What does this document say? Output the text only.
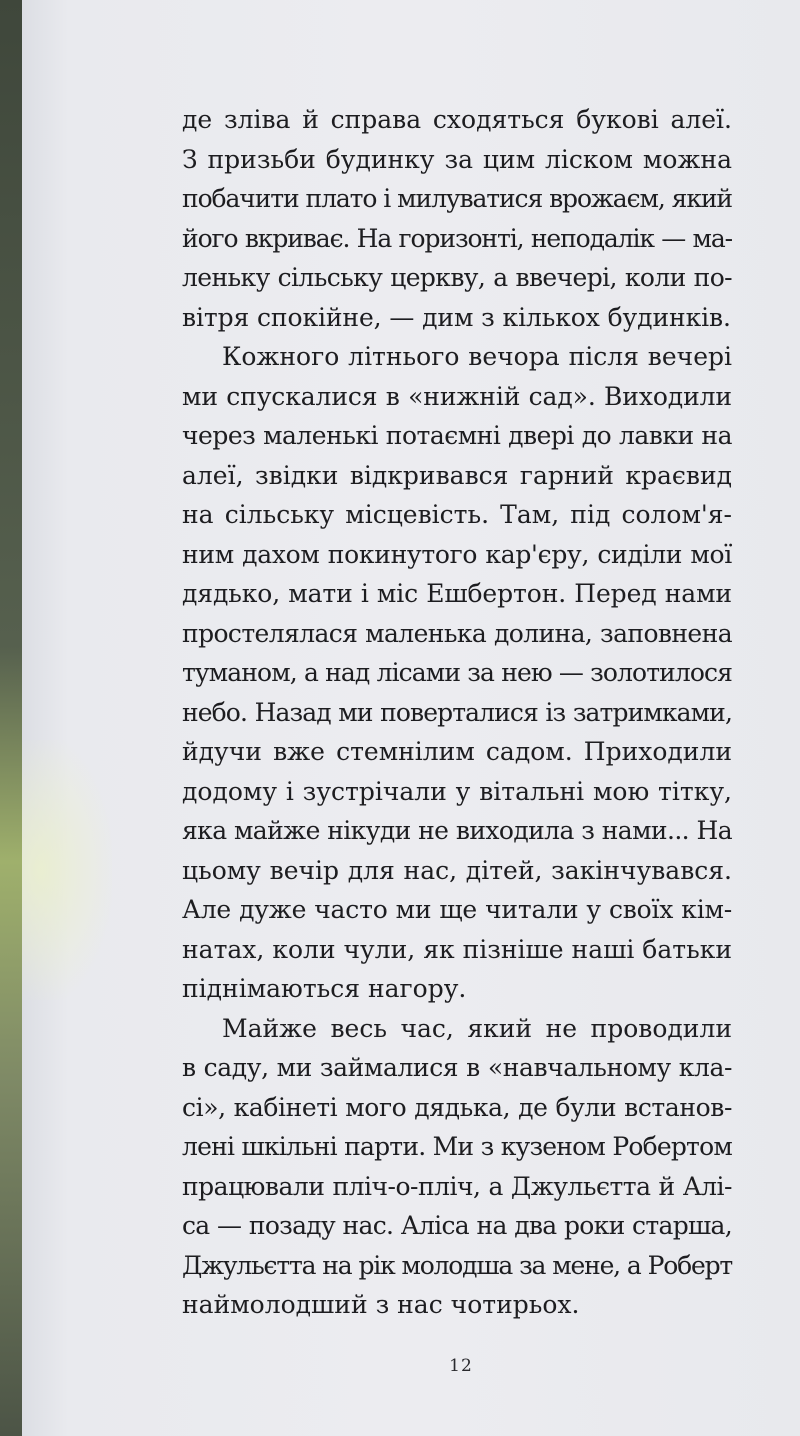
де зліва й справа сходяться букові алеї.
З призьби будинку за цим ліском можна
побачити плато і милуватися врожаєм, який
його вкриває. На горизонті, неподалік — ма-
леньку сільську церкву, а ввечері, коли по-
вітря спокійне, — дим з кількох будинків.

Кожного літнього вечора після вечері
ми спускалися в «нижній сад». Виходили
через маленькі потаємні двері до лавки на
алеї, звідки відкривався гарний краєвид
на сільську місцевість. Там, під солом'я-
ним дахом покинутого кар'єру, сиділи мої
дядько, мати і міс Ешбертон. Перед нами
простелялася маленька долина, заповнена
туманом, а над лісами за нею — золотилося
небо. Назад ми поверталися із затримками,
йдучи вже стемнілим садом. Приходили
додому і зустрічали у вітальні мою тітку,
яка майже нікуди не виходила з нами... На
цьому вечір для нас, дітей, закінчувався.
Але дуже часто ми ще читали у своїх кім-
натах, коли чули, як пізніше наші батьки
піднімаються нагору.

Майже весь час, який не проводили
в саду, ми займалися в «навчальному кла-
сі», кабінеті мого дядька, де були встанов-
лені шкільні парти. Ми з кузеном Робертом
працювали пліч-о-пліч, а Джульєтта й Алі-
са — позаду нас. Аліса на два роки старша,
Джульєтта на рік молодша за мене, а Роберт
наймолодший з нас чотирьох.

12
